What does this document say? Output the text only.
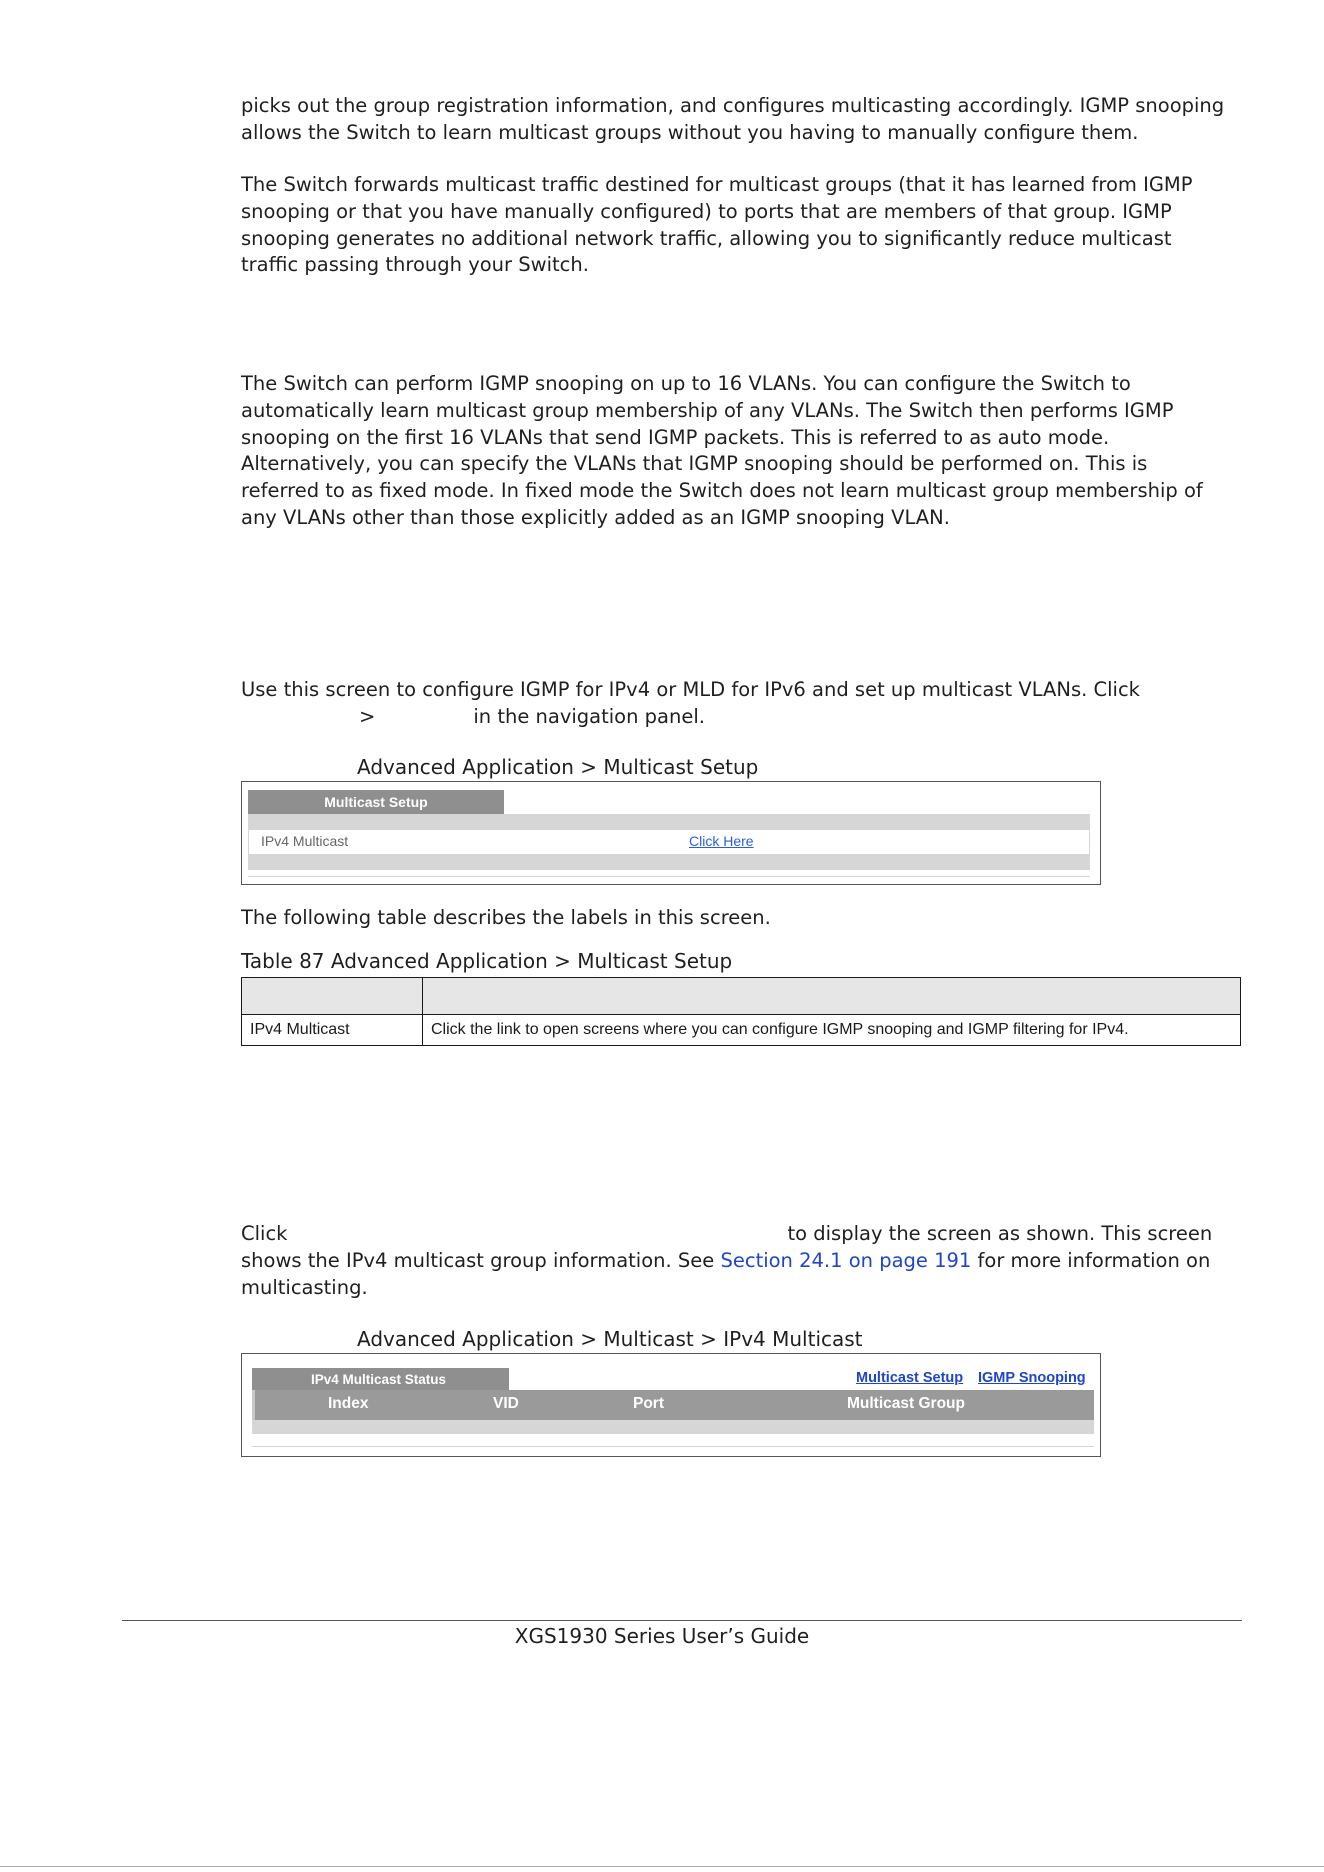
picks out the group registration information, and configures multicasting accordingly. IGMP snooping allows the Switch to learn multicast groups without you having to manually configure them.

The Switch forwards multicast traffic destined for multicast groups (that it has learned from IGMP snooping or that you have manually configured) to ports that are members of that group. IGMP snooping generates no additional network traffic, allowing you to significantly reduce multicast traffic passing through your Switch.

The Switch can perform IGMP snooping on up to 16 VLANs. You can configure the Switch to automatically learn multicast group membership of any VLANs. The Switch then performs IGMP snooping on the first 16 VLANs that send IGMP packets. This is referred to as auto mode. Alternatively, you can specify the VLANs that IGMP snooping should be performed on. This is referred to as fixed mode. In fixed mode the Switch does not learn multicast group membership of any VLANs other than those explicitly added as an IGMP snooping VLAN.

Use this screen to configure IGMP for IPv4 or MLD for IPv6 and set up multicast VLANs. Click
>	in the navigation panel.

Advanced Application > Multicast Setup

Multicast Setup
IPv4 Multicast	Click Here

The following table describes the labels in this screen.

Table 87 Advanced Application > Multicast Setup

IPv4 Multicast	Click the link to open screens where you can configure IGMP snooping and IGMP filtering for IPv4.

Click	to display the screen as shown. This screen
shows the IPv4 multicast group information. See Section 24.1 on page 191 for more information on
multicasting.

Advanced Application > Multicast > IPv4 Multicast

IPv4 Multicast Status	Multicast Setup IGMP Snooping
Index	VID	Port	Multicast Group
XGS1930 Series User’s Guide
